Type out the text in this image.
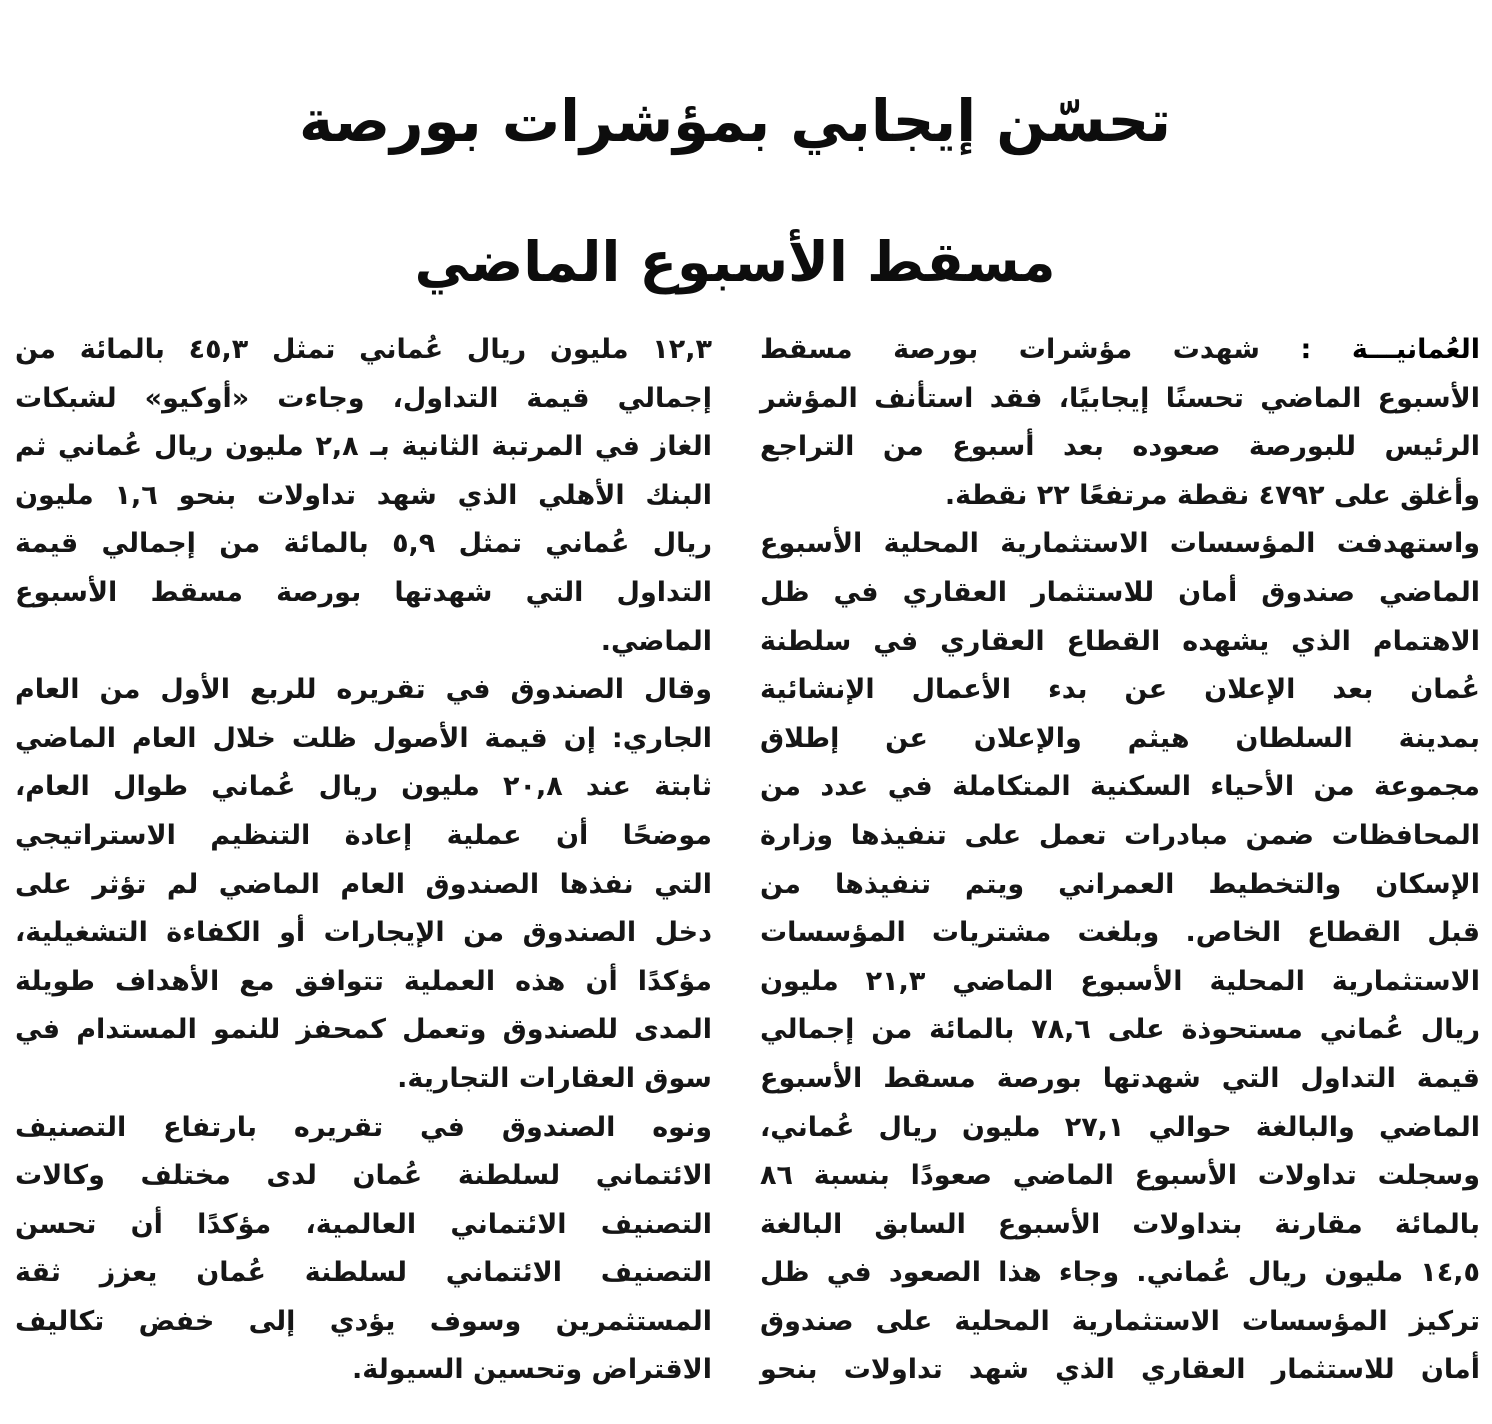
تحسّن إيجابي بمؤشرات بورصة
مسقط الأسبوع الماضي
العُمانيـــة : شهدت مؤشرات بورصة مسقط
الأسبوع الماضي تحسنًا إيجابيًا، فقد استأنف المؤشر
الرئيس للبورصة صعوده بعد أسبوع من التراجع
وأغلق على ٤٧٩٢ نقطة مرتفعًا ٢٢ نقطة.
واستهدفت المؤسسات الاستثمارية المحلية الأسبوع
الماضي صندوق أمان للاستثمار العقاري في ظل
الاهتمام الذي يشهده القطاع العقاري في سلطنة
عُمان بعد الإعلان عن بدء الأعمال الإنشائية
بمدينة السلطان هيثم والإعلان عن إطلاق
مجموعة من الأحياء السكنية المتكاملة في عدد من
المحافظات ضمن مبادرات تعمل على تنفيذها وزارة
الإسكان والتخطيط العمراني ويتم تنفيذها من
قبل القطاع الخاص. وبلغت مشتريات المؤسسات
الاستثمارية المحلية الأسبوع الماضي ٢١,٣ مليون
ريال عُماني مستحوذة على ٧٨,٦ بالمائة من إجمالي
قيمة التداول التي شهدتها بورصة مسقط الأسبوع
الماضي والبالغة حوالي ٢٧,١ مليون ريال عُماني،
وسجلت تداولات الأسبوع الماضي صعودًا بنسبة ٨٦
بالمائة مقارنة بتداولات الأسبوع السابق البالغة
١٤,٥ مليون ريال عُماني. وجاء هذا الصعود في ظل
تركيز المؤسسات الاستثمارية المحلية على صندوق
أمان للاستثمار العقاري الذي شهد تداولات بنحو
١٢,٣ مليون ريال عُماني تمثل ٤٥,٣ بالمائة من
إجمالي قيمة التداول، وجاءت «أوكيو» لشبكات
الغاز في المرتبة الثانية بـ ٢,٨ مليون ريال عُماني ثم
البنك الأهلي الذي شهد تداولات بنحو ١,٦ مليون
ريال عُماني تمثل ٥,٩ بالمائة من إجمالي قيمة
التداول التي شهدتها بورصة مسقط الأسبوع
الماضي.
وقال الصندوق في تقريره للربع الأول من العام
الجاري: إن قيمة الأصول ظلت خلال العام الماضي
ثابتة عند ٢٠,٨ مليون ريال عُماني طوال العام،
موضحًا أن عملية إعادة التنظيم الاستراتيجي
التي نفذها الصندوق العام الماضي لم تؤثر على
دخل الصندوق من الإيجارات أو الكفاءة التشغيلية،
مؤكدًا أن هذه العملية تتوافق مع الأهداف طويلة
المدى للصندوق وتعمل كمحفز للنمو المستدام في
سوق العقارات التجارية.
ونوه الصندوق في تقريره بارتفاع التصنيف
الائتماني لسلطنة عُمان لدى مختلف وكالات
التصنيف الائتماني العالمية، مؤكدًا أن تحسن
التصنيف الائتماني لسلطنة عُمان يعزز ثقة
المستثمرين وسوف يؤدي إلى خفض تكاليف
الاقتراض وتحسين السيولة.
